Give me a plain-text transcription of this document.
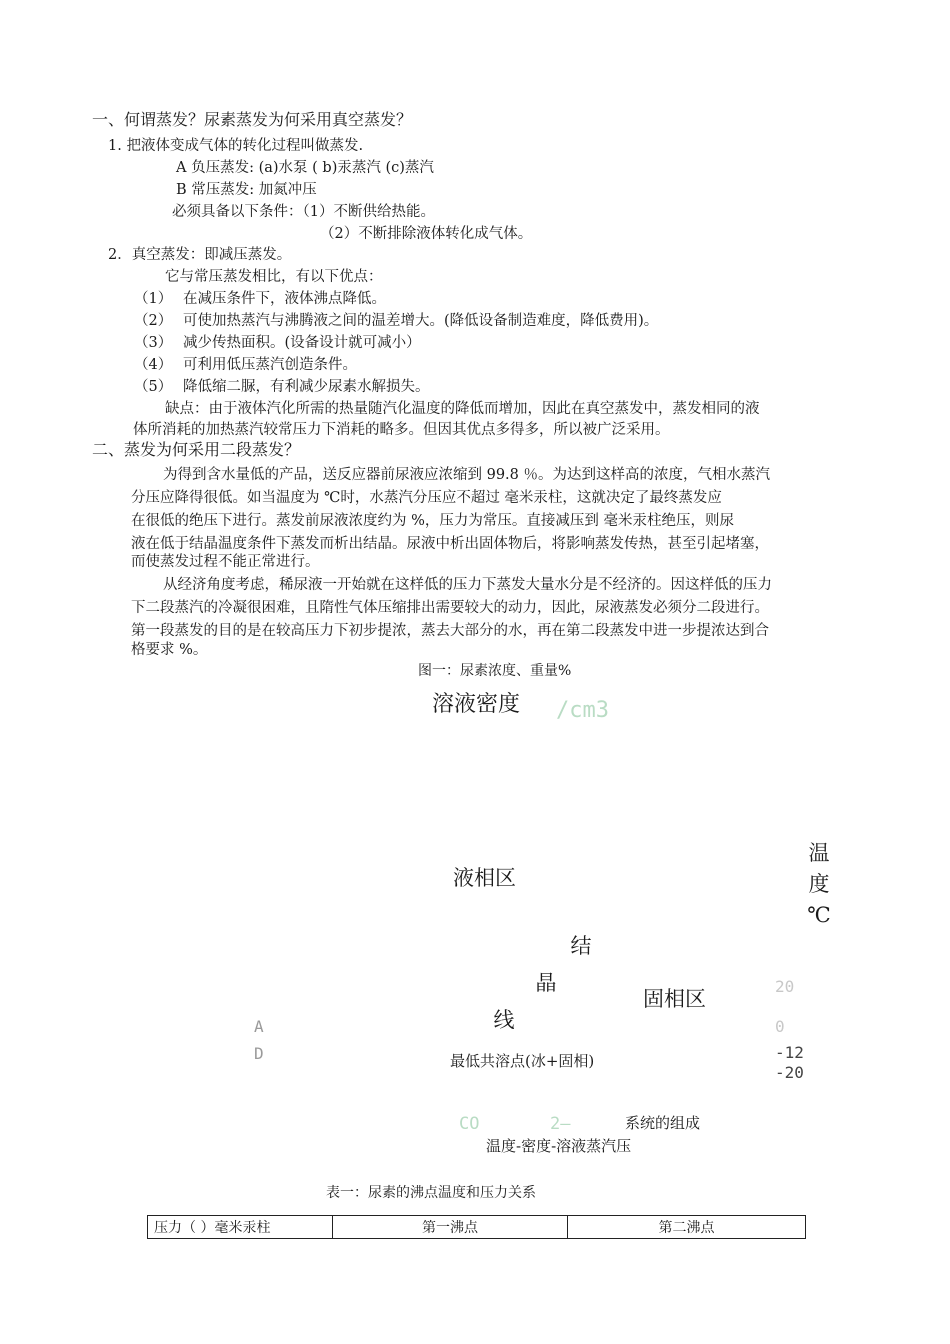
一、何谓蒸发？尿素蒸发为何采用真空蒸发？
1. 把液体变成气体的转化过程叫做蒸发.
A 负压蒸发: (a)水泵 ( b)汞蒸汽 (c)蒸汽
B 常压蒸发: 加氮冲压
必须具备以下条件：（1）不断供给热能。
（2）不断排除液体转化成气体。
2．真空蒸发：即减压蒸发。
它与常压蒸发相比，有以下优点：
（1） 在减压条件下，液体沸点降低。
（2） 可使加热蒸汽与沸腾液之间的温差增大。(降低设备制造难度，降低费用)。
（3） 减少传热面积。(设备设计就可减小）
（4） 可利用低压蒸汽创造条件。
（5） 降低缩二脲，有利减少尿素水解损失。
缺点：由于液体汽化所需的热量随汽化温度的降低而增加，因此在真空蒸发中，蒸发相同的液
体所消耗的加热蒸汽较常压力下消耗的略多。但因其优点多得多，所以被广泛采用。
二、蒸发为何采用二段蒸发？
为得到含水量低的产品，送反应器前尿液应浓缩到 99.8 ％。为达到这样高的浓度，气相水蒸汽
分压应降得很低。如当温度为 ℃时，水蒸汽分压应不超过 毫米汞柱，这就决定了最终蒸发应
在很低的绝压下进行。蒸发前尿液浓度约为 %，压力为常压。直接减压到 毫米汞柱绝压，则尿
液在低于结晶温度条件下蒸发而析出结晶。尿液中析出固体物后，将影响蒸发传热，甚至引起堵塞，
而使蒸发过程不能正常进行。
从经济角度考虑，稀尿液一开始就在这样低的压力下蒸发大量水分是不经济的。因这样低的压力
下二段蒸汽的冷凝很困难，且隋性气体压缩排出需要较大的动力，因此，尿液蒸发必须分二段进行。
第一段蒸发的目的是在较高压力下初步提浓，蒸去大部分的水，再在第二段蒸发中进一步提浓达到合
格要求 %。
图一：尿素浓度、重量%
溶液密度 /cm3
液相区
温
度
℃
结
晶
线
固相区
20
0
-12
-20
A
D	最低共溶点(冰+固相)
CO	2—	系统的组成
温度-密度-溶液蒸汽压
表一：尿素的沸点温度和压力关系
压力（ ）毫米汞柱	第一沸点	第二沸点
